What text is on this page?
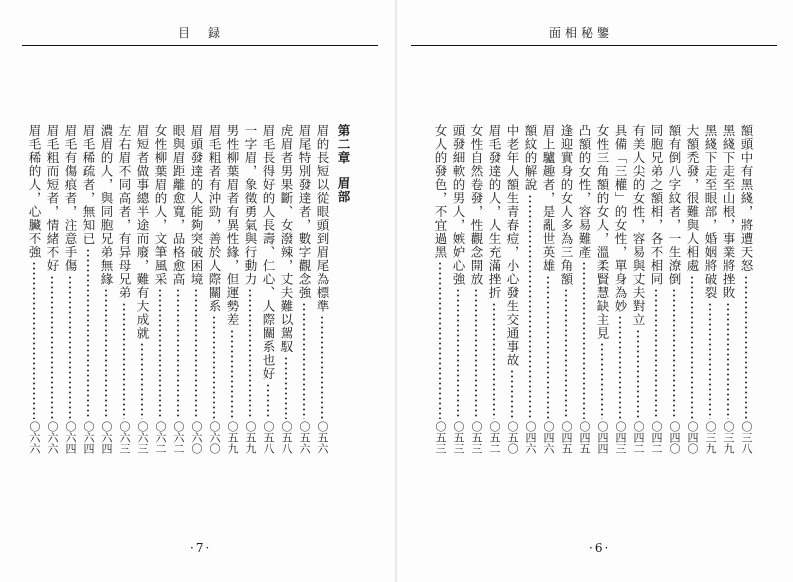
目録
第二章眉部
眉的長短以從眼頭到眉尾為標準
〇五六
眉尾特別發達者，數字觀念強
〇五六
虎眉者男果斷、女潑辣，丈夫難以駕馭
〇五八
眉毛長得好的人長壽、仁心、人際關系也好
〇五八
一字眉，象徵勇氣與行動力
〇五九
男性柳葉眉者有異性緣，但運勢差
〇五九
眉毛粗者有沖勁，善於人際關系
〇六〇
眉頭發達的人能夠突破困境
〇六〇
眼與眉距離愈寬，品格愈高
〇六二
女性柳葉眉的人，文筆風采
〇六二
眉短者做事總半途而廢，難有大成就
〇六三
左右眉不同高者，有异母兄弟
〇六三
濃眉的人，與同胞兄弟無緣
〇六四
眉毛稀疏者，無知已
〇六四
眉毛有傷痕者，注意手傷
〇六四
眉毛粗而短者，情緒不好
〇六六
眉毛稀的人，心臟不強
〇六六
·7·
面相秘鑒
額頭中有黑綫，將遭天怒
〇三八
黑綫下走至山根，事業將挫敗
〇三九
黑綫下走至眼部，婚姻將破裂
〇三九
大額禿發，很難與人相處
〇四〇
額有倒八字紋者，一生潦倒
〇四〇
同胞兄弟之額相，各不相同
〇四二
有美人尖的女性，容易與丈夫對立
〇四二
具備「三權」的女性，單身為妙
〇四三
女性三角額的女人，溫柔賢慧缺主見
〇四四
凸額的女性，容易難產
〇四五
逢迎實身的女人多為三角額
〇四五
眉上驢趣者，是亂世英雄
〇四六
額紋的解說
〇四六
中老年人額生青春痘，小心發生交通事故
〇五〇
眉毛發達的人，人生充滿挫折
〇五二
女性自然卷發，性觀念開放
〇五三
頭發細軟的男人，嫉妒心強
〇五三
女人的發色，不宜過黑
〇五三
·6·
